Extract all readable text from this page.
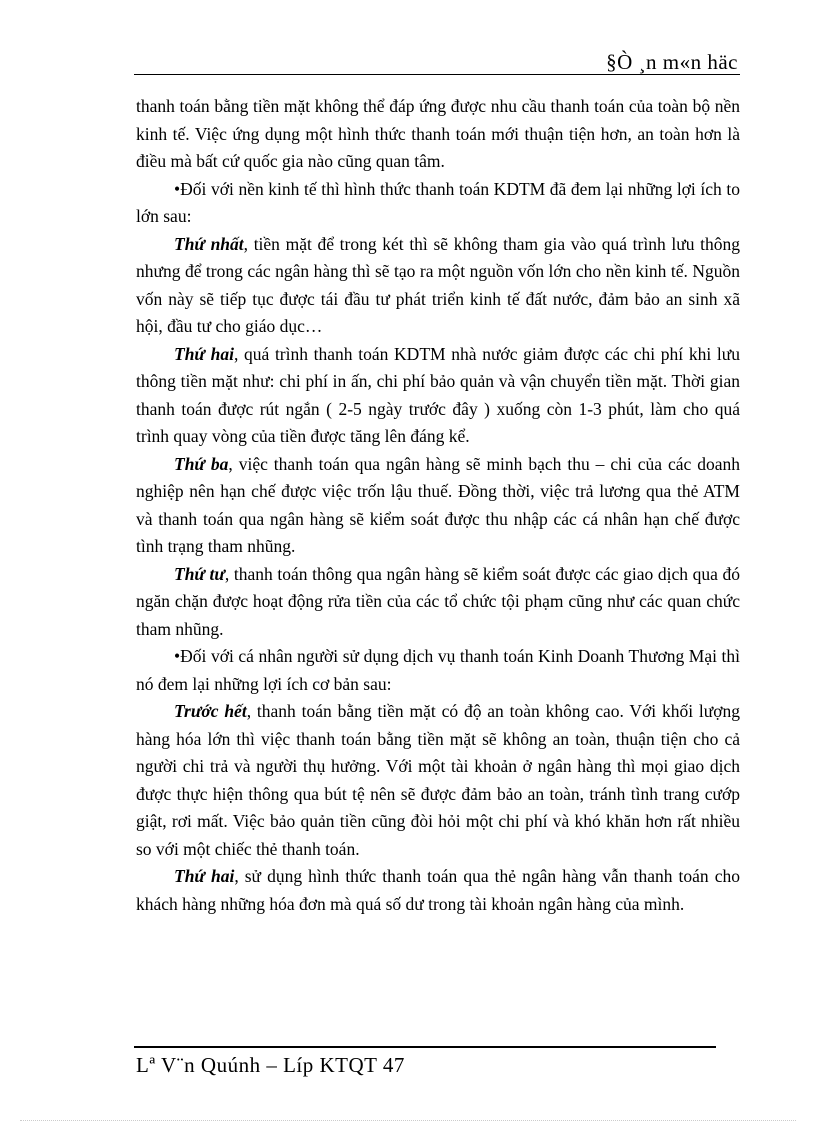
§Ò ¸n m«n häc

thanh toán bằng tiền mặt không thể đáp ứng được nhu cầu thanh toán của toàn bộ nền kinh tế. Việc ứng dụng một hình thức thanh toán mới thuận tiện hơn, an toàn hơn là điều mà bất cứ quốc gia nào cũng quan tâm.

•Đối với nền kinh tế thì hình thức thanh toán KDTM đã đem lại những lợi ích to lớn sau:

Thứ nhất, tiền mặt để trong két thì sẽ không tham gia vào quá trình lưu thông nhưng để trong các ngân hàng thì sẽ tạo ra một nguồn vốn lớn cho nền kinh tế. Nguồn vốn này sẽ tiếp tục được tái đầu tư phát triển kinh tế đất nước, đảm bảo an sinh xã hội, đầu tư cho giáo dục…

Thứ hai, quá trình thanh toán KDTM nhà nước giảm được các chi phí khi lưu thông tiền mặt như: chi phí in ấn, chi phí bảo quản và vận chuyển tiền mặt. Thời gian thanh toán được rút ngắn ( 2-5 ngày trước đây ) xuống còn 1-3 phút, làm cho quá trình quay vòng của tiền được tăng lên đáng kể.

Thứ ba, việc thanh toán qua ngân hàng sẽ minh bạch thu – chi của các doanh nghiệp nên hạn chế được việc trốn lậu thuế. Đồng thời, việc trả lương qua thẻ ATM và thanh toán qua ngân hàng sẽ kiểm soát được thu nhập các cá nhân hạn chế được tình trạng tham nhũng.

Thứ tư, thanh toán thông qua ngân hàng sẽ kiểm soát được các giao dịch qua đó ngăn chặn được hoạt động rửa tiền của các tổ chức tội phạm cũng như các quan chức tham nhũng.

•Đối với cá nhân người sử dụng dịch vụ thanh toán Kinh Doanh Thương Mại thì nó đem lại những lợi ích cơ bản sau:

Trước hết, thanh toán bằng tiền mặt có độ an toàn không cao. Với khối lượng hàng hóa lớn thì việc thanh toán bằng tiền mặt sẽ không an toàn, thuận tiện cho cả người chi trả và người thụ hưởng. Với một tài khoản ở ngân hàng thì mọi giao dịch được thực hiện thông qua bút tệ nên sẽ được đảm bảo an toàn, tránh tình trang cướp giật, rơi mất. Việc bảo quản tiền cũng đòi hỏi một chi phí và khó khăn hơn rất nhiều so với một chiếc thẻ thanh toán.

Thứ hai, sử dụng hình thức thanh toán qua thẻ ngân hàng vẫn thanh toán cho khách hàng những hóa đơn mà quá số dư trong tài khoản ngân hàng của mình.

Lª V¨n Quúnh – Líp KTQT 47
